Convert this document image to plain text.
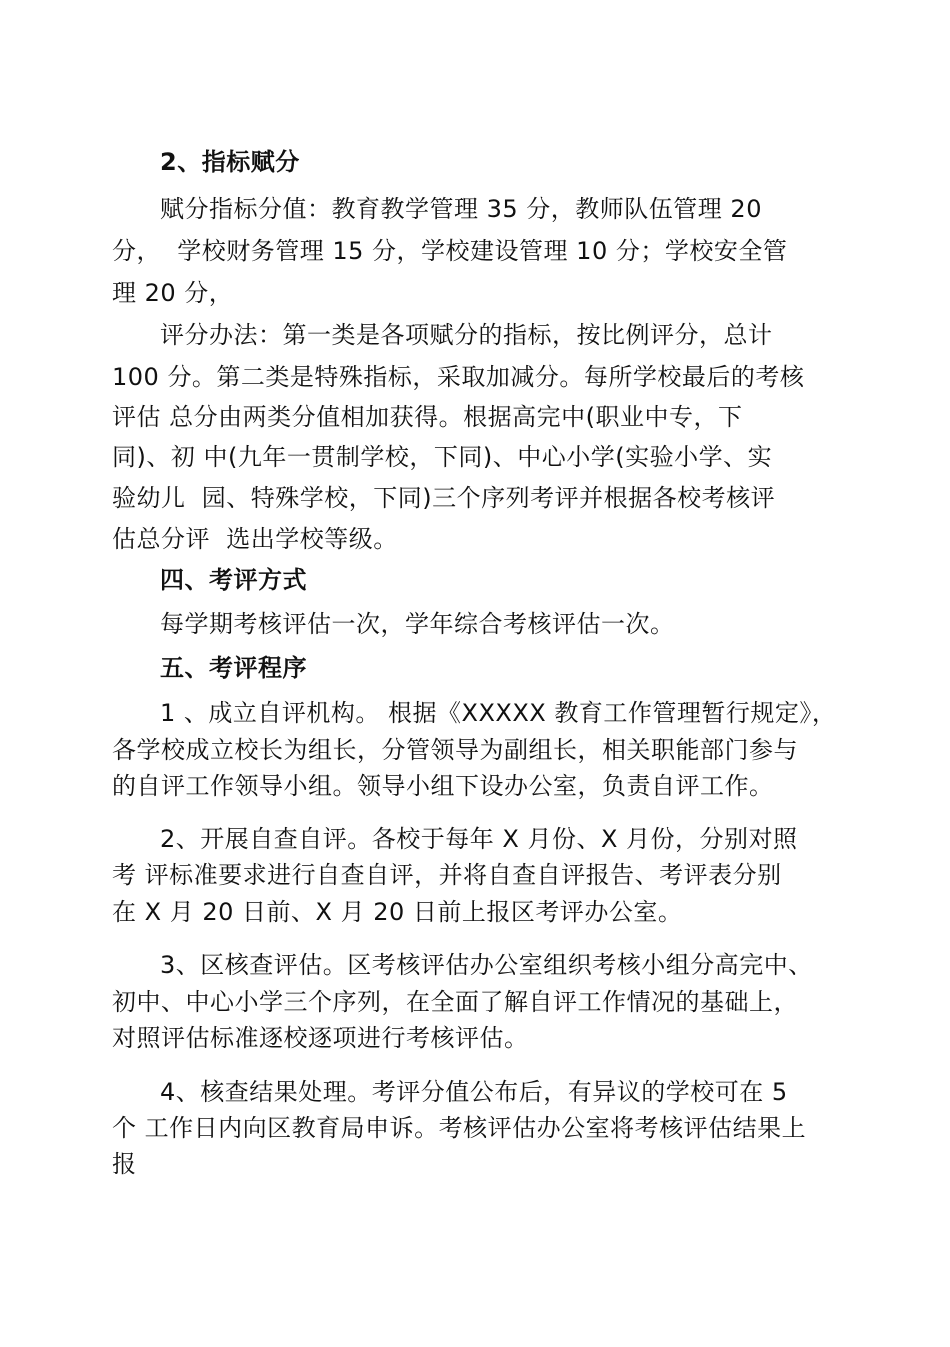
2、指标赋分
赋分指标分值：教育教学管理 35 分，教师队伍管理 20
分，  学校财务管理 15 分，学校建设管理 10 分；学校安全管
理 20 分，
评分办法：第一类是各项赋分的指标，按比例评分，总计
100 分。第二类是特殊指标，采取加减分。每所学校最后的考核
评估 总分由两类分值相加获得。根据高完中(职业中专，下
同)、初 中(九年一贯制学校，下同)、中心小学(实验小学、实
验幼儿  园、特殊学校，下同)三个序列考评并根据各校考核评
估总分评  选出学校等级。
四、考评方式
每学期考核评估一次，学年综合考核评估一次。
五、考评程序
1 、成立自评机构。 根据《XXXXX 教育工作管理暂行规定》，
各学校成立校长为组长，分管领导为副组长，相关职能部门参与
的自评工作领导小组。领导小组下设办公室，负责自评工作。
2、开展自查自评。各校于每年 X 月份、X 月份，分别对照
考 评标准要求进行自查自评，并将自查自评报告、考评表分别
在 X 月 20 日前、X 月 20 日前上报区考评办公室。
3、区核查评估。区考核评估办公室组织考核小组分高完中、
初中、中心小学三个序列，在全面了解自评工作情况的基础上，
对照评估标准逐校逐项进行考核评估。
4、核查结果处理。考评分值公布后，有异议的学校可在 5
个 工作日内向区教育局申诉。考核评估办公室将考核评估结果上
报
